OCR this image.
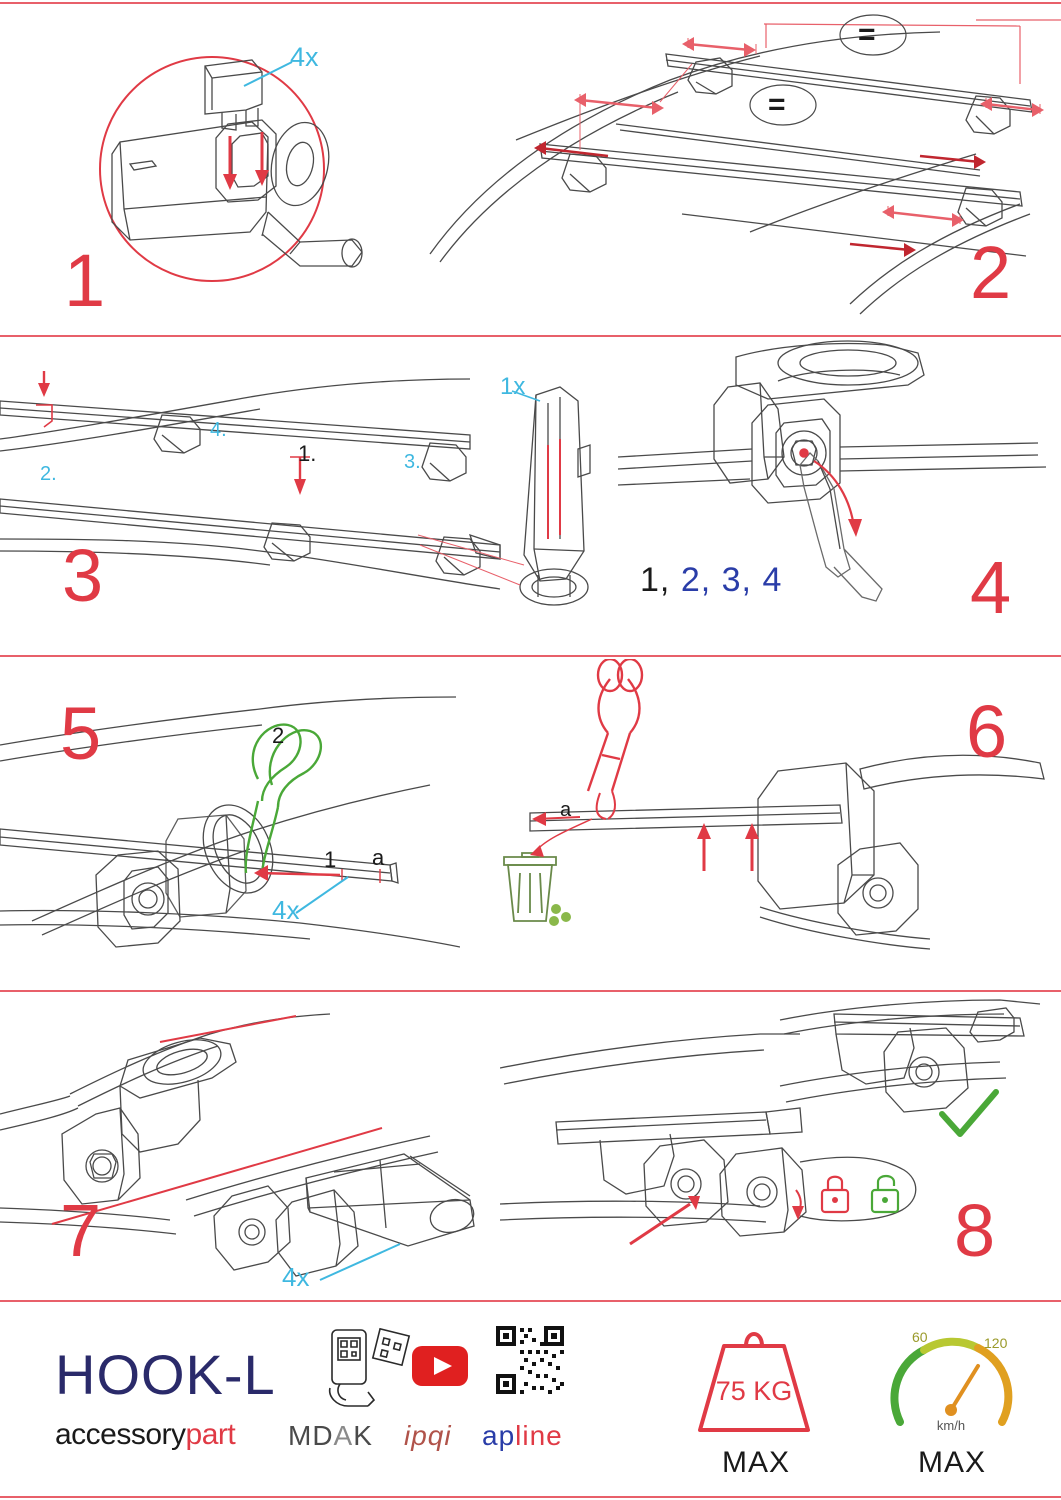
4x
1
=
=
2
1.
2.
3.
4.
1x
3	1, 2, 3, 4	4
1
2
a
4x
5
a
6
4x
7	8
HOOK-L
accessorypart MDAK ipqi apline
75 KG
MAX
60	120
km/h
MAX
